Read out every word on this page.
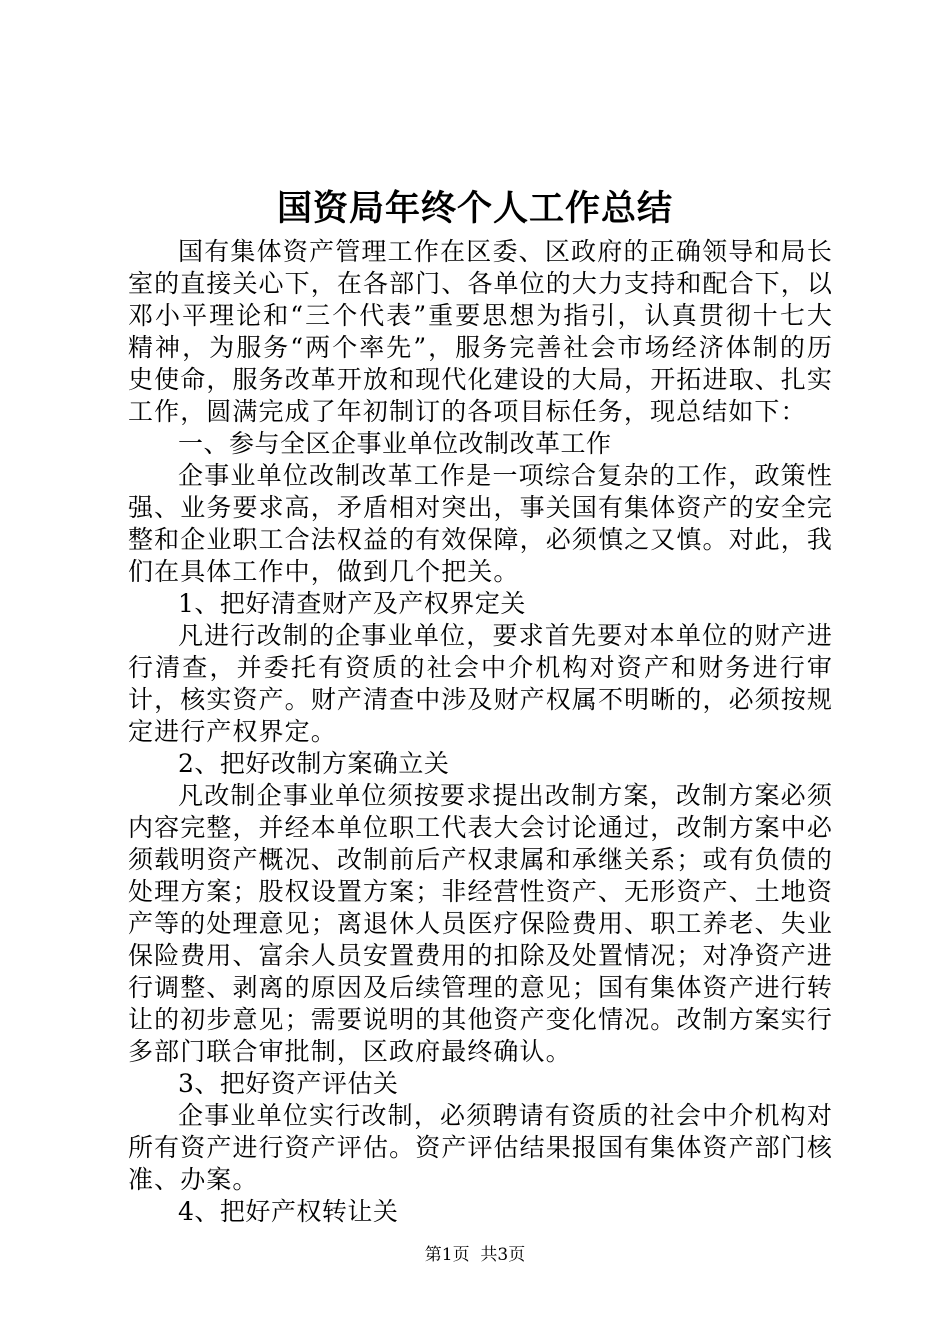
国资局年终个人工作总结

国有集体资产管理工作在区委、区政府的正确领导和局长室的直接关心下，在各部门、各单位的大力支持和配合下，以邓小平理论和“三个代表”重要思想为指引，认真贯彻十七大精神，为服务“两个率先”，服务完善社会市场经济体制的历史使命，服务改革开放和现代化建设的大局，开拓进取、扎实工作，圆满完成了年初制订的各项目标任务，现总结如下：

一、参与全区企事业单位改制改革工作

企事业单位改制改革工作是一项综合复杂的工作，政策性强、业务要求高，矛盾相对突出，事关国有集体资产的安全完整和企业职工合法权益的有效保障，必须慎之又慎。对此，我们在具体工作中，做到几个把关。

1、把好清查财产及产权界定关

凡进行改制的企事业单位，要求首先要对本单位的财产进行清查，并委托有资质的社会中介机构对资产和财务进行审计，核实资产。财产清查中涉及财产权属不明晰的，必须按规定进行产权界定。

2、把好改制方案确立关

凡改制企事业单位须按要求提出改制方案，改制方案必须内容完整，并经本单位职工代表大会讨论通过，改制方案中必须载明资产概况、改制前后产权隶属和承继关系；或有负债的处理方案；股权设置方案；非经营性资产、无形资产、土地资产等的处理意见；离退休人员医疗保险费用、职工养老、失业保险费用、富余人员安置费用的扣除及处置情况；对净资产进行调整、剥离的原因及后续管理的意见；国有集体资产进行转让的初步意见；需要说明的其他资产变化情况。改制方案实行多部门联合审批制，区政府最终确认。

3、把好资产评估关

企事业单位实行改制，必须聘请有资质的社会中介机构对所有资产进行资产评估。资产评估结果报国有集体资产部门核准、办案。

4、把好产权转让关

第1页 共3页
